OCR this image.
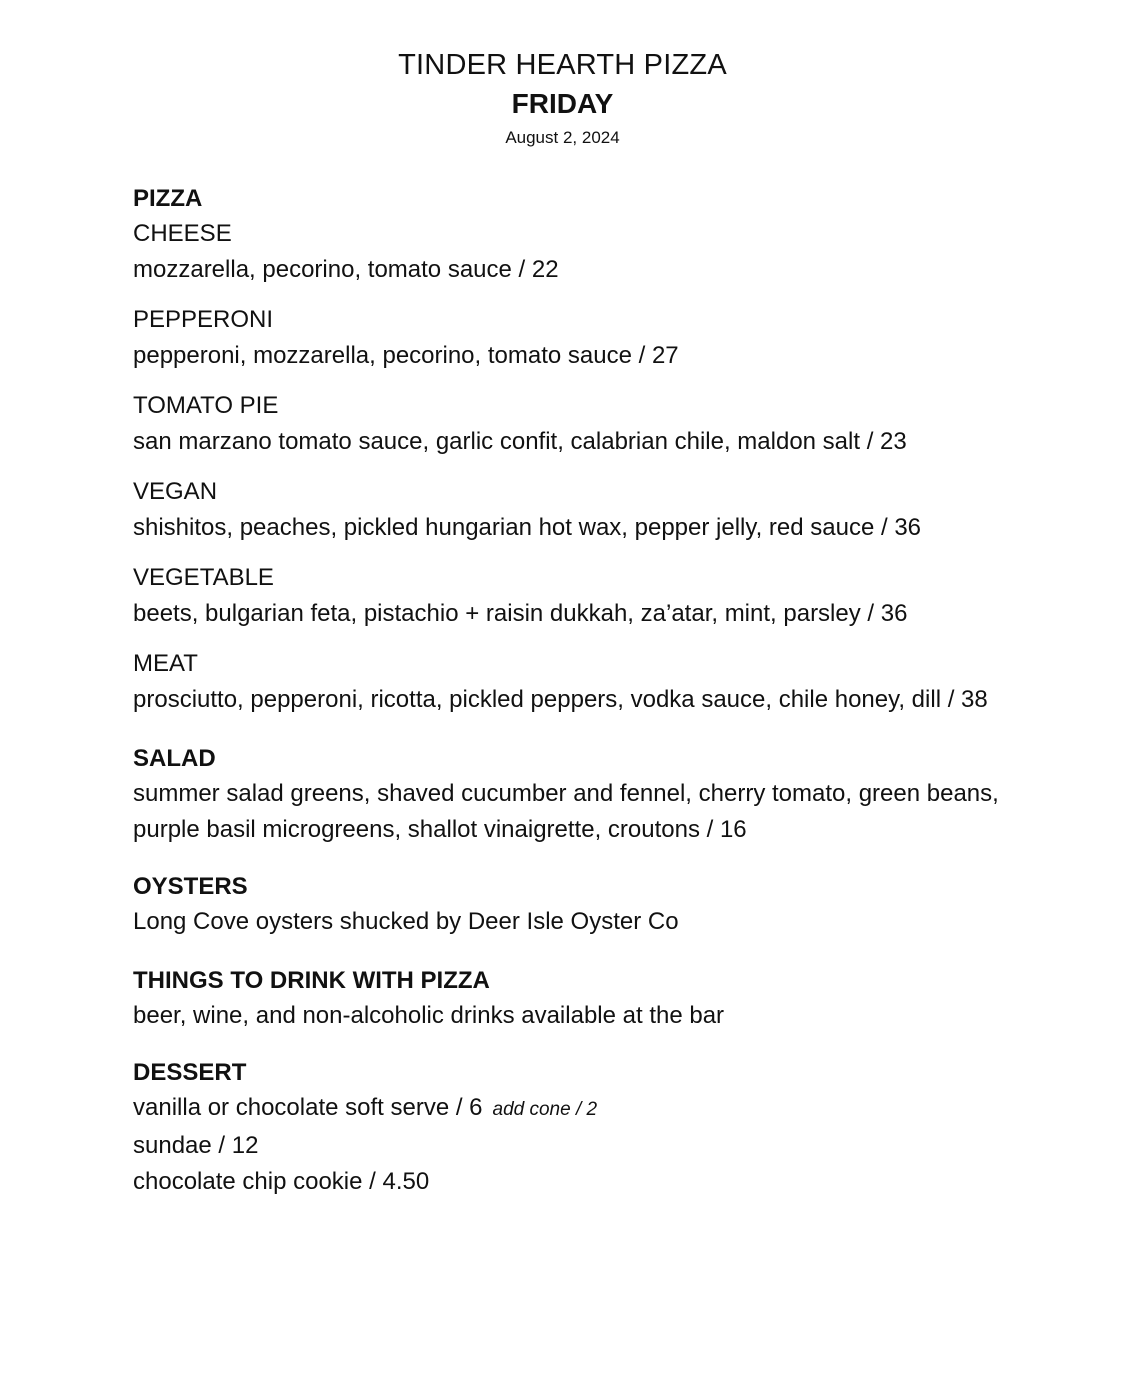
TINDER HEARTH PIZZA
FRIDAY
August 2, 2024
PIZZA
CHEESE
mozzarella, pecorino, tomato sauce / 22
PEPPERONI
pepperoni, mozzarella, pecorino, tomato sauce / 27
TOMATO PIE
san marzano tomato sauce, garlic confit, calabrian chile, maldon salt / 23
VEGAN
shishitos, peaches, pickled hungarian hot wax, pepper jelly, red sauce / 36
VEGETABLE
beets, bulgarian feta, pistachio + raisin dukkah, za’atar, mint, parsley / 36
MEAT
prosciutto, pepperoni, ricotta, pickled peppers, vodka sauce, chile honey, dill / 38
SALAD
summer salad greens, shaved cucumber and fennel, cherry tomato, green beans, purple basil microgreens, shallot vinaigrette, croutons / 16
OYSTERS
Long Cove oysters shucked by Deer Isle Oyster Co
THINGS TO DRINK WITH PIZZA
beer, wine, and non-alcoholic drinks available at the bar
DESSERT
vanilla or chocolate soft serve / 6 add cone / 2
sundae / 12
chocolate chip cookie / 4.50
